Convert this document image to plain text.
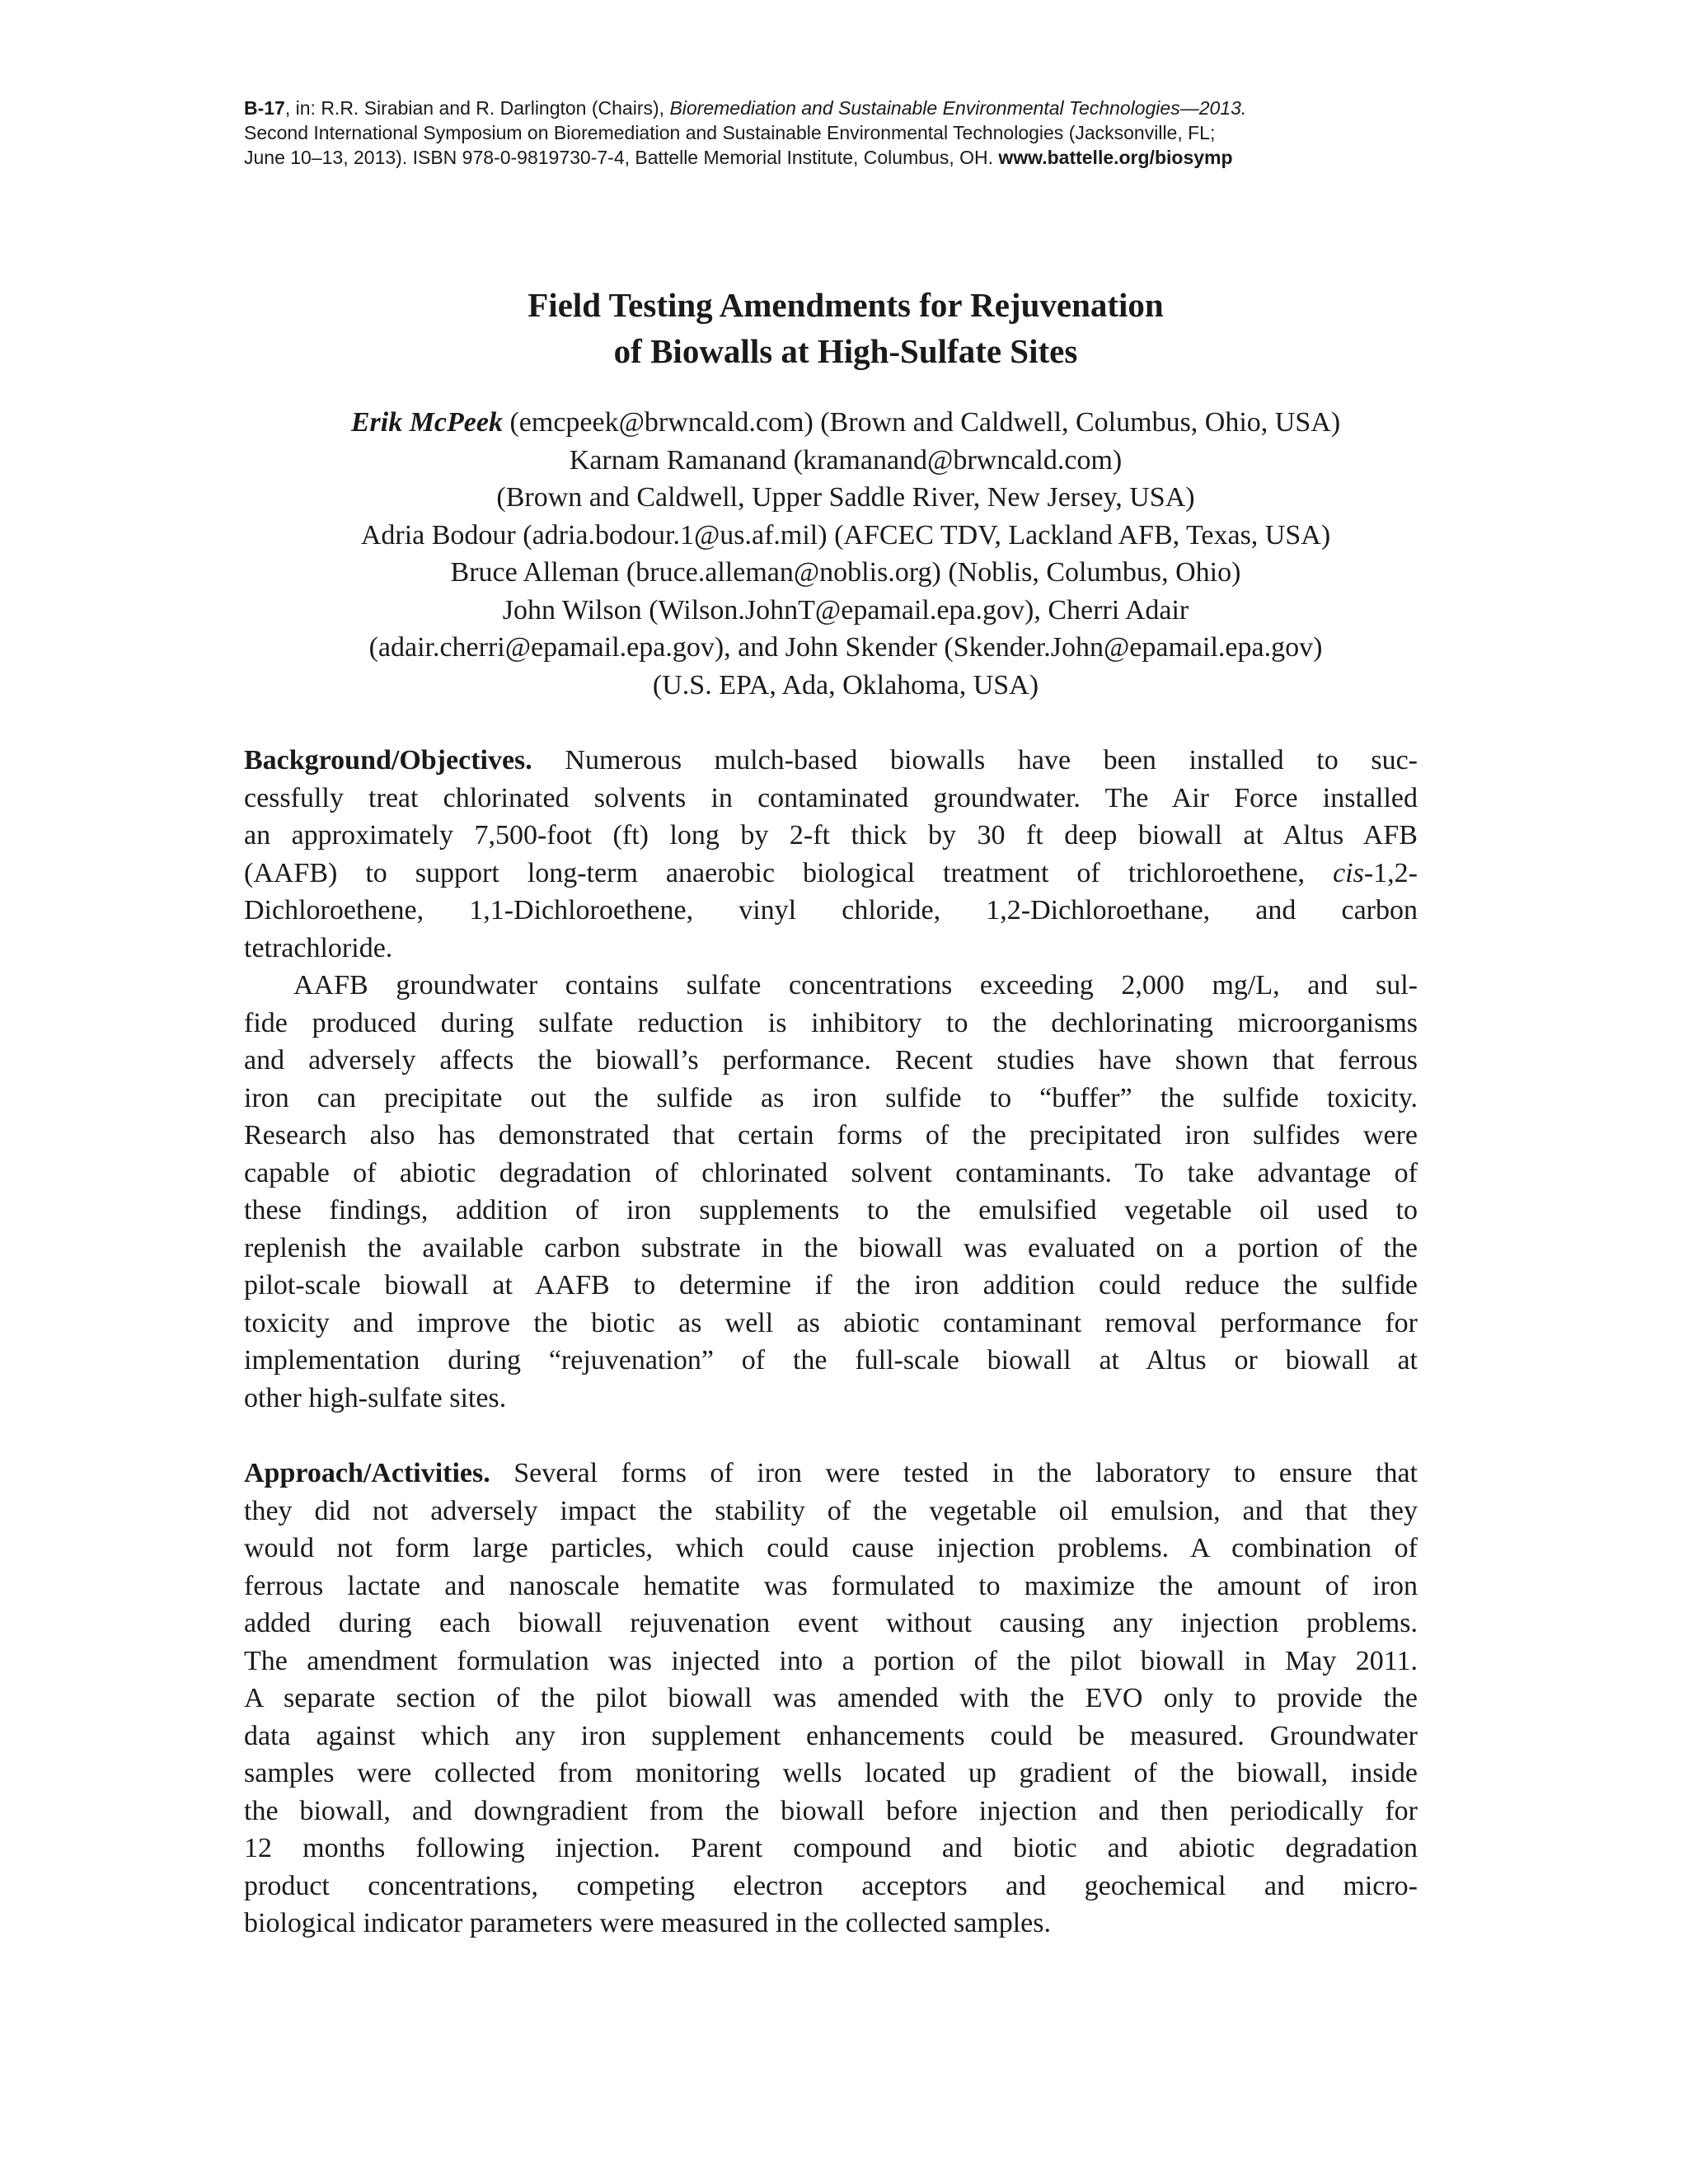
B-17, in: R.R. Sirabian and R. Darlington (Chairs), Bioremediation and Sustainable Environmental Technologies—2013.
Second International Symposium on Bioremediation and Sustainable Environmental Technologies (Jacksonville, FL;
June 10–13, 2013). ISBN 978-0-9819730-7-4, Battelle Memorial Institute, Columbus, OH. www.battelle.org/biosymp
Field Testing Amendments for Rejuvenation
of Biowalls at High-Sulfate Sites
Erik McPeek (emcpeek@brwncald.com) (Brown and Caldwell, Columbus, Ohio, USA)
Karnam Ramanand (kramanand@brwncald.com)
(Brown and Caldwell, Upper Saddle River, New Jersey, USA)
Adria Bodour (adria.bodour.1@us.af.mil) (AFCEC TDV, Lackland AFB, Texas, USA)
Bruce Alleman (bruce.alleman@noblis.org) (Noblis, Columbus, Ohio)
John Wilson (Wilson.JohnT@epamail.epa.gov), Cherri Adair
(adair.cherri@epamail.epa.gov), and John Skender (Skender.John@epamail.epa.gov)
(U.S. EPA, Ada, Oklahoma, USA)

Background/Objectives. Numerous mulch-based biowalls have been installed to suc-
cessfully treat chlorinated solvents in contaminated groundwater. The Air Force installed
an approximately 7,500-foot (ft) long by 2-ft thick by 30 ft deep biowall at Altus AFB
(AAFB) to support long-term anaerobic biological treatment of trichloroethene, cis-1,2-
Dichloroethene, 1,1-Dichloroethene, vinyl chloride, 1,2-Dichloroethane, and carbon
tetrachloride.

AAFB groundwater contains sulfate concentrations exceeding 2,000 mg/L, and sul-
fide produced during sulfate reduction is inhibitory to the dechlorinating microorganisms
and adversely affects the biowall’s performance. Recent studies have shown that ferrous
iron can precipitate out the sulfide as iron sulfide to “buffer” the sulfide toxicity.
Research also has demonstrated that certain forms of the precipitated iron sulfides were
capable of abiotic degradation of chlorinated solvent contaminants. To take advantage of
these findings, addition of iron supplements to the emulsified vegetable oil used to
replenish the available carbon substrate in the biowall was evaluated on a portion of the
pilot-scale biowall at AAFB to determine if the iron addition could reduce the sulfide
toxicity and improve the biotic as well as abiotic contaminant removal performance for
implementation during “rejuvenation” of the full-scale biowall at Altus or biowall at
other high-sulfate sites.

Approach/Activities. Several forms of iron were tested in the laboratory to ensure that
they did not adversely impact the stability of the vegetable oil emulsion, and that they
would not form large particles, which could cause injection problems. A combination of
ferrous lactate and nanoscale hematite was formulated to maximize the amount of iron
added during each biowall rejuvenation event without causing any injection problems.
The amendment formulation was injected into a portion of the pilot biowall in May 2011.
A separate section of the pilot biowall was amended with the EVO only to provide the
data against which any iron supplement enhancements could be measured. Groundwater
samples were collected from monitoring wells located up gradient of the biowall, inside
the biowall, and downgradient from the biowall before injection and then periodically for
12 months following injection. Parent compound and biotic and abiotic degradation
product concentrations, competing electron acceptors and geochemical and micro-
biological indicator parameters were measured in the collected samples.
